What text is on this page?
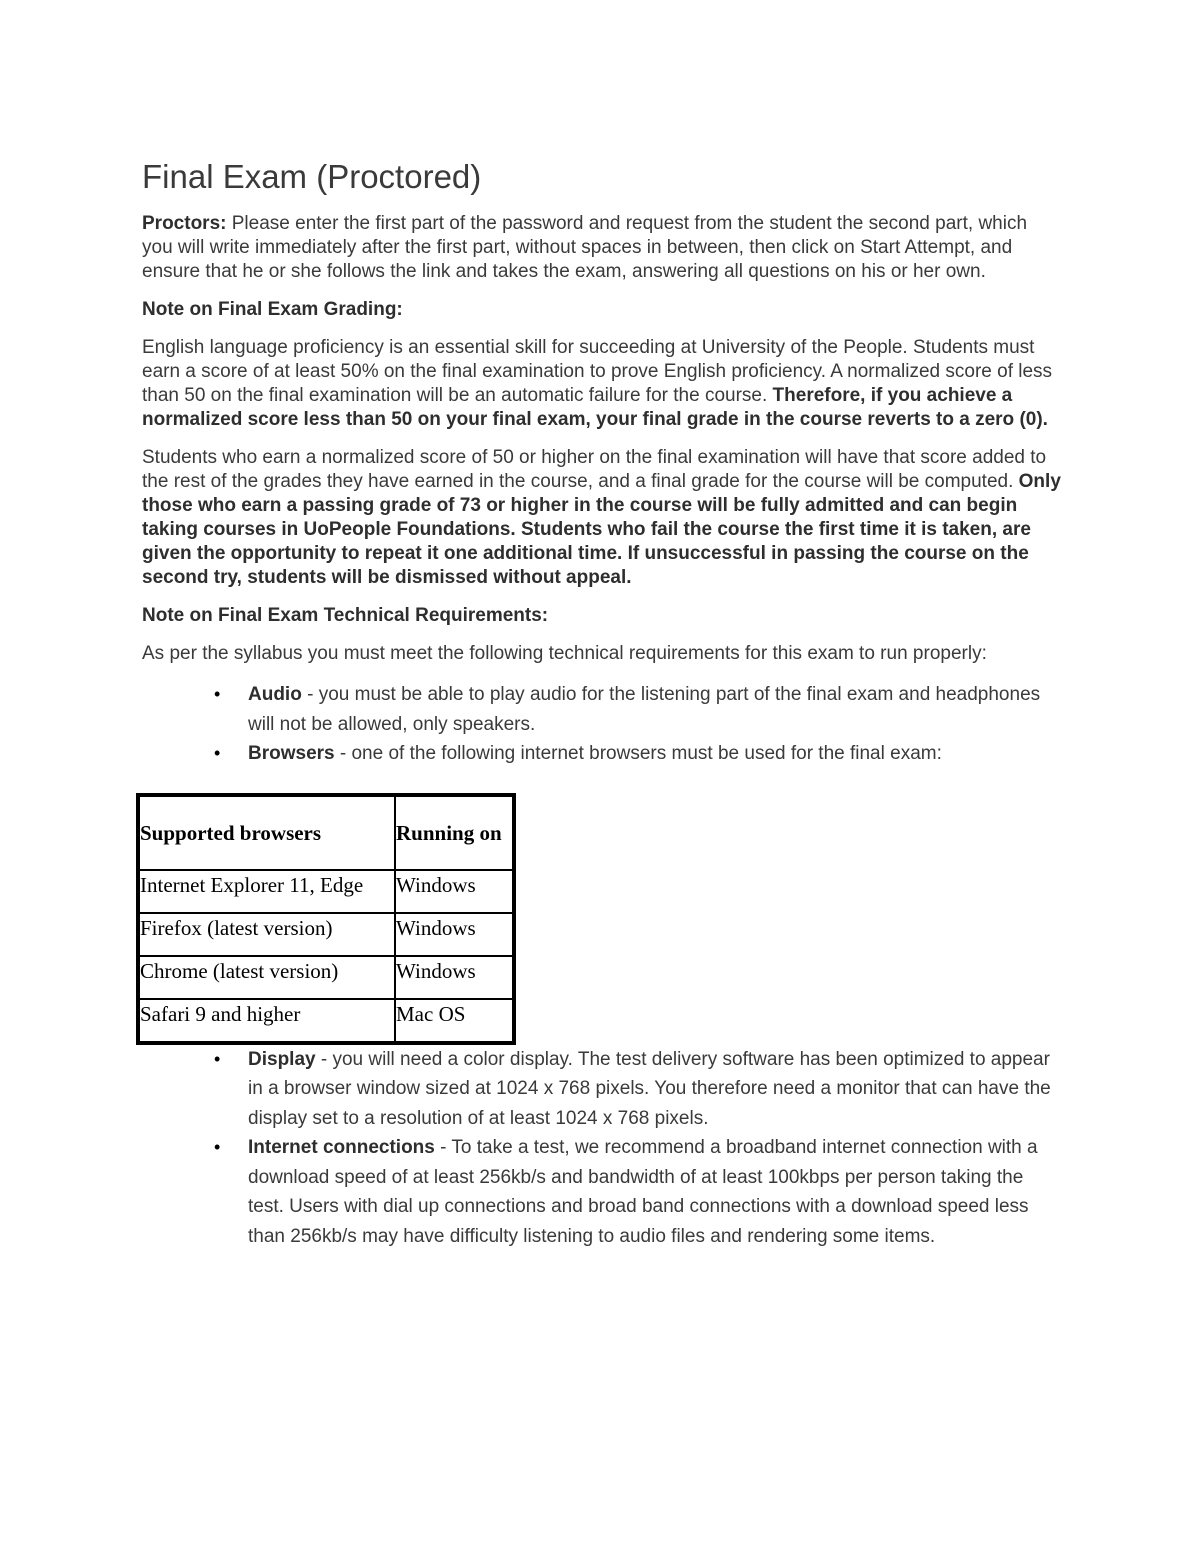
Final Exam (Proctored)

Proctors: Please enter the first part of the password and request from the student the second part, which you will write immediately after the first part, without spaces in between, then click on Start Attempt, and ensure that he or she follows the link and takes the exam, answering all questions on his or her own.

Note on Final Exam Grading:

English language proficiency is an essential skill for succeeding at University of the People. Students must earn a score of at least 50% on the final examination to prove English proficiency. A normalized score of less than 50 on the final examination will be an automatic failure for the course. Therefore, if you achieve a normalized score less than 50 on your final exam, your final grade in the course reverts to a zero (0).

Students who earn a normalized score of 50 or higher on the final examination will have that score added to the rest of the grades they have earned in the course, and a final grade for the course will be computed. Only those who earn a passing grade of 73 or higher in the course will be fully admitted and can begin taking courses in UoPeople Foundations. Students who fail the course the first time it is taken, are given the opportunity to repeat it one additional time. If unsuccessful in passing the course on the second try, students will be dismissed without appeal.

Note on Final Exam Technical Requirements:

As per the syllabus you must meet the following technical requirements for this exam to run properly:

• Audio - you must be able to play audio for the listening part of the final exam and headphones will not be allowed, only speakers.
• Browsers - one of the following internet browsers must be used for the final exam:
Supported browsers	Running on
Internet Explorer 11, Edge	Windows
Firefox (latest version)	Windows
Chrome (latest version)	Windows
Safari 9 and higher	Mac OS
• Display - you will need a color display. The test delivery software has been optimized to appear in a browser window sized at 1024 x 768 pixels. You therefore need a monitor that can have the display set to a resolution of at least 1024 x 768 pixels.
• Internet connections - To take a test, we recommend a broadband internet connection with a download speed of at least 256kb/s and bandwidth of at least 100kbps per person taking the test. Users with dial up connections and broad band connections with a download speed less than 256kb/s may have difficulty listening to audio files and rendering some items.
